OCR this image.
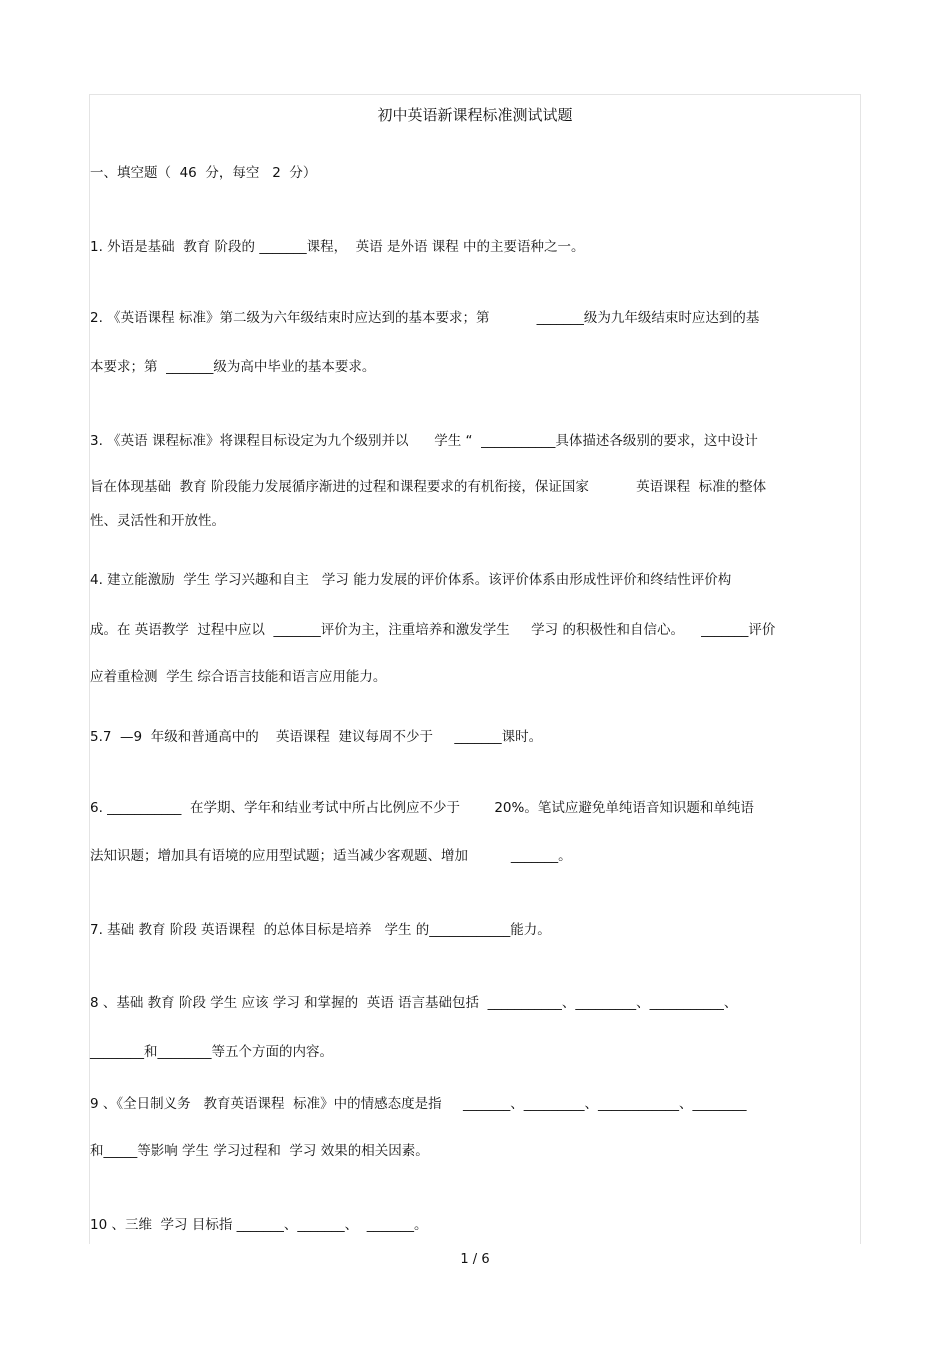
初中英语新课程标准测试试题
一、填空题（  46  分，每空   2  分）
1. 外语是基础  教育 阶段的 _______课程，  英语 是外语 课程 中的主要语种之一。
2. 《英语课程 标准》第二级为六年级结束时应达到的基本要求；第           _______级为九年级结束时应达到的基
本要求；第  _______级为高中毕业的基本要求。
3. 《英语 课程标准》将课程目标设定为九个级别并以      学生 “  ___________具体描述各级别的要求，这中设计
旨在体现基础  教育 阶段能力发展循序渐进的过程和课程要求的有机衔接，保证国家           英语课程  标准的整体
性、灵活性和开放性。
4. 建立能激励  学生 学习兴趣和自主   学习 能力发展的评价体系。该评价体系由形成性评价和终结性评价构
成。在 英语教学  过程中应以  _______评价为主，注重培养和激发学生     学习 的积极性和自信心。    _______评价
应着重检测  学生 综合语言技能和语言应用能力。
5.7  —9  年级和普通高中的    英语课程  建议每周不少于     _______课时。
6. ___________  在学期、学年和结业考试中所占比例应不少于        20%。笔试应避免单纯语音知识题和单纯语
法知识题；增加具有语境的应用型试题；适当减少客观题、增加          _______。
7. 基础 教育 阶段 英语课程  的总体目标是培养   学生 的____________能力。
8 、基础 教育 阶段 学生 应该 学习 和掌握的  英语 语言基础包括  ___________、_________、___________、
________和________等五个方面的内容。
9 、《全日制义务   教育英语课程  标准》中的情感态度是指     _______、_________、____________、________
和_____等影响 学生 学习过程和  学习 效果的相关因素。
10 、三维  学习 目标指 _______、_______、  _______。
1 / 6
